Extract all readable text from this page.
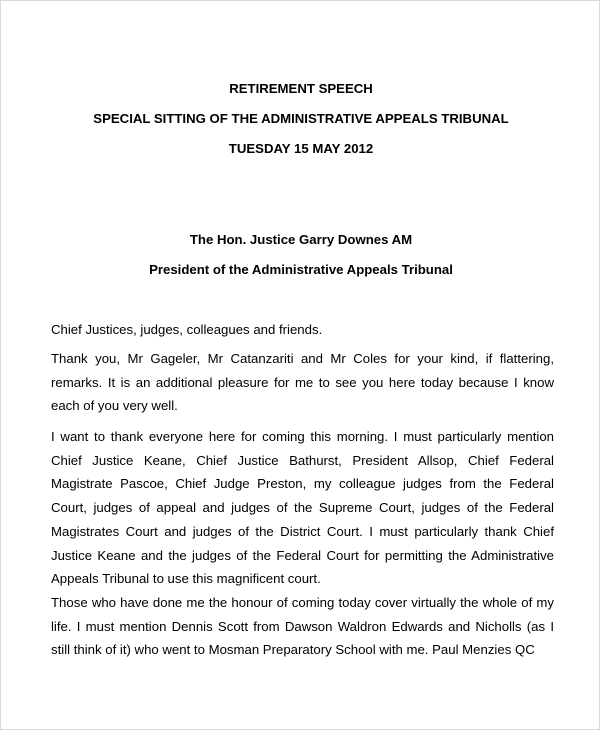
RETIREMENT SPEECH

SPECIAL SITTING OF THE ADMINISTRATIVE APPEALS TRIBUNAL

TUESDAY 15 MAY 2012

The Hon. Justice Garry Downes AM

President of the Administrative Appeals Tribunal

Chief Justices, judges, colleagues and friends.

Thank you, Mr Gageler, Mr Catanzariti and Mr Coles for your kind, if flattering, remarks. It is an additional pleasure for me to see you here today because I know each of you very well.

I want to thank everyone here for coming this morning. I must particularly mention Chief Justice Keane, Chief Justice Bathurst, President Allsop, Chief Federal Magistrate Pascoe, Chief Judge Preston, my colleague judges from the Federal Court, judges of appeal and judges of the Supreme Court, judges of the Federal Magistrates Court and judges of the District Court. I must particularly thank Chief Justice Keane and the judges of the Federal Court for permitting the Administrative Appeals Tribunal to use this magnificent court.

Those who have done me the honour of coming today cover virtually the whole of my life. I must mention Dennis Scott from Dawson Waldron Edwards and Nicholls (as I still think of it) who went to Mosman Preparatory School with me. Paul Menzies QC
